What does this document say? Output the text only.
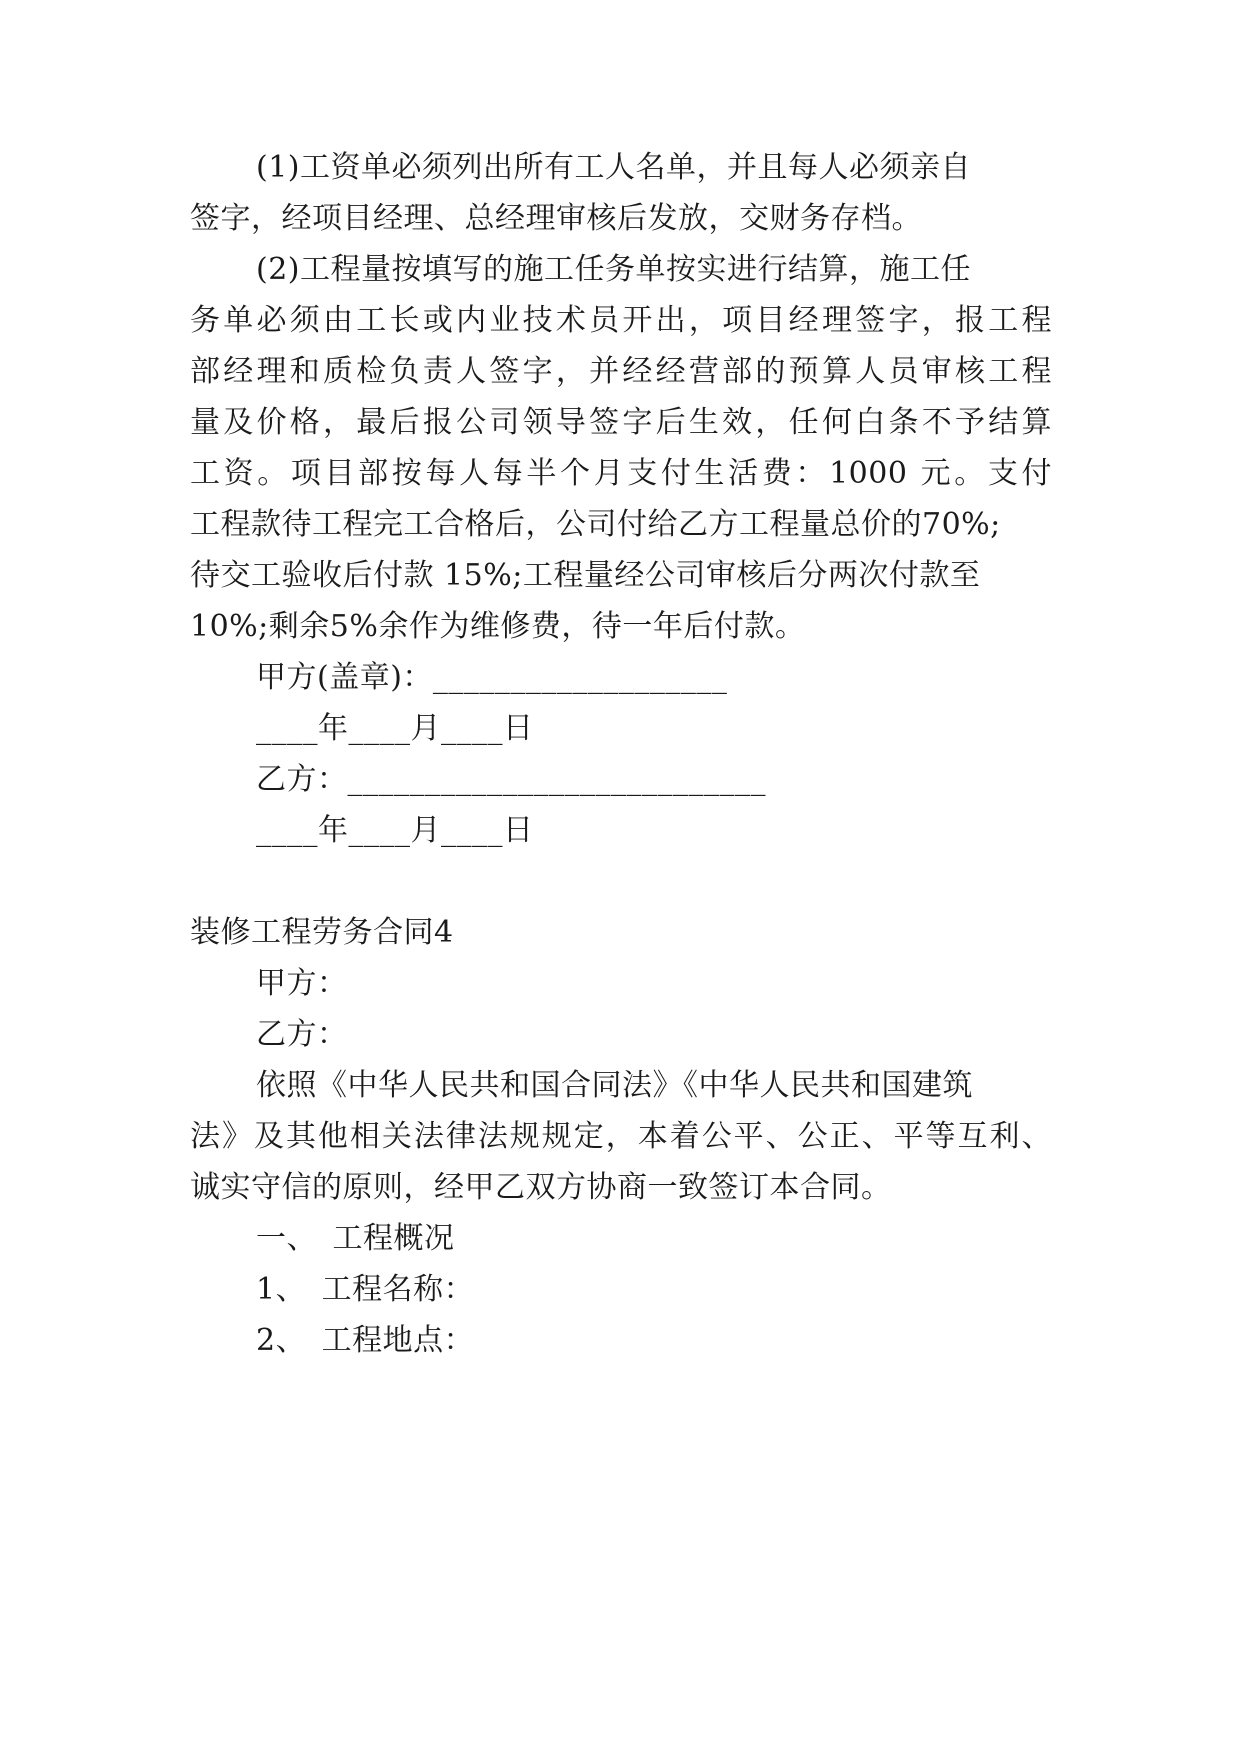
(1)工资单必须列出所有工人名单，并且每人必须亲自
签字，经项目经理、总经理审核后发放，交财务存档。
(2)工程量按填写的施工任务单按实进行结算，施工任
务单必须由工长或内业技术员开出，项目经理签字，报工程
部经理和质检负责人签字，并经经营部的预算人员审核工程
量及价格，最后报公司领导签字后生效，任何白条不予结算
工资。项目部按每人每半个月支付生活费：1000 元。支付
工程款待工程完工合格后，公司付给乙方工程量总价的70%;
待交工验收后付款 15%;工程量经公司审核后分两次付款至
10%;剩余5%余作为维修费，待一年后付款。
甲方(盖章)：___________________
____年____月____日
乙方：___________________________
____年____月____日
装修工程劳务合同4
甲方：
乙方：
依照《中华人民共和国合同法》《中华人民共和国建筑
法》及其他相关法律法规规定，本着公平、公正、平等互利、
诚实守信的原则，经甲乙双方协商一致签订本合同。
一、　工程概况
1、　工程名称：
2、　工程地点：
